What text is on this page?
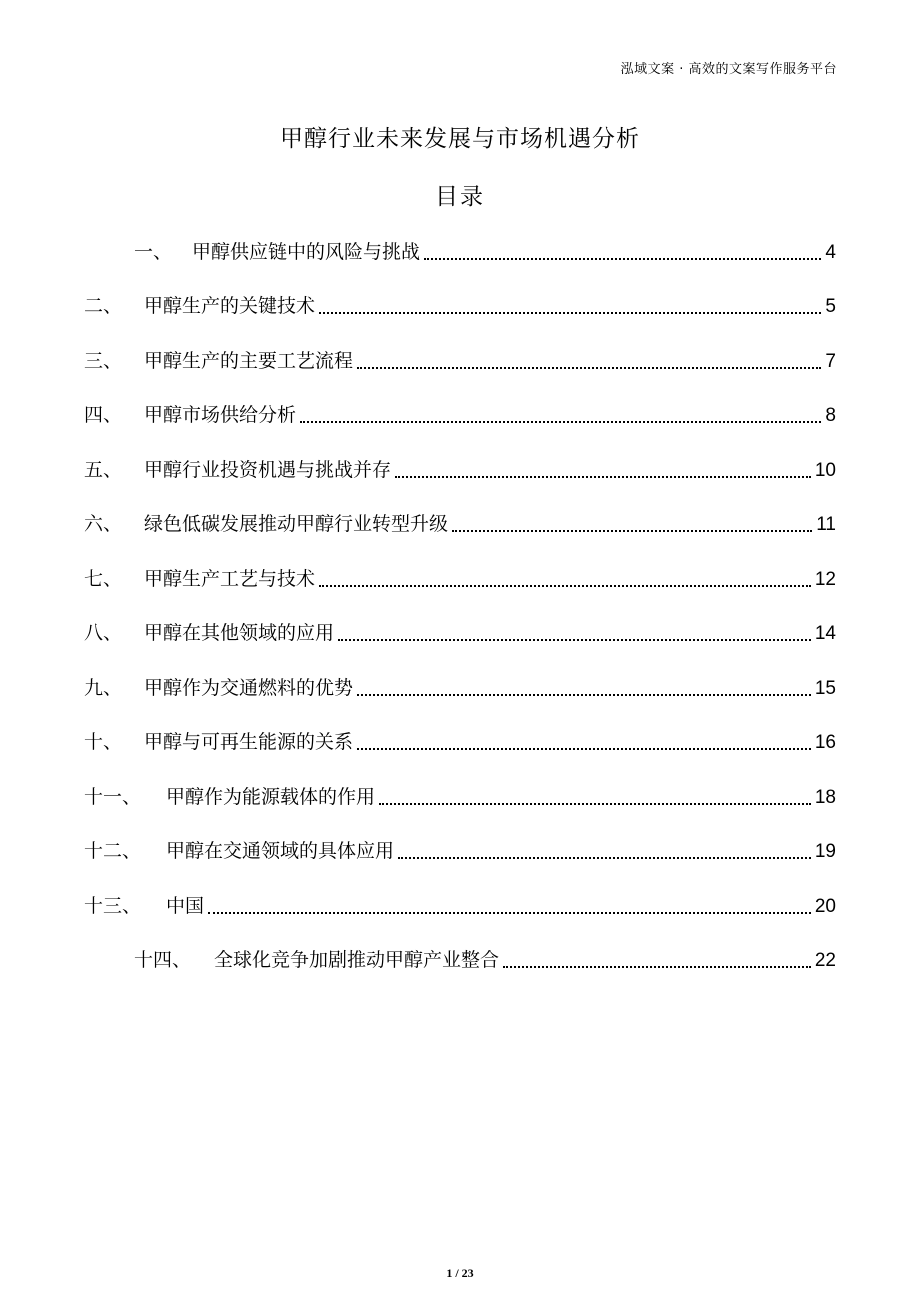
泓域文案 · 高效的文案写作服务平台
甲醇行业未来发展与市场机遇分析
目录
一、	甲醇供应链中的风险与挑战	4
二、	甲醇生产的关键技术	5
三、	甲醇生产的主要工艺流程	7
四、	甲醇市场供给分析	8
五、	甲醇行业投资机遇与挑战并存	10
六、	绿色低碳发展推动甲醇行业转型升级	11
七、	甲醇生产工艺与技术	12
八、	甲醇在其他领域的应用	14
九、	甲醇作为交通燃料的优势	15
十、	甲醇与可再生能源的关系	16
十一、	甲醇作为能源载体的作用	18
十二、	甲醇在交通领域的具体应用	19
十三、	中国	20
十四、	全球化竞争加剧推动甲醇产业整合	22
1 / 23
